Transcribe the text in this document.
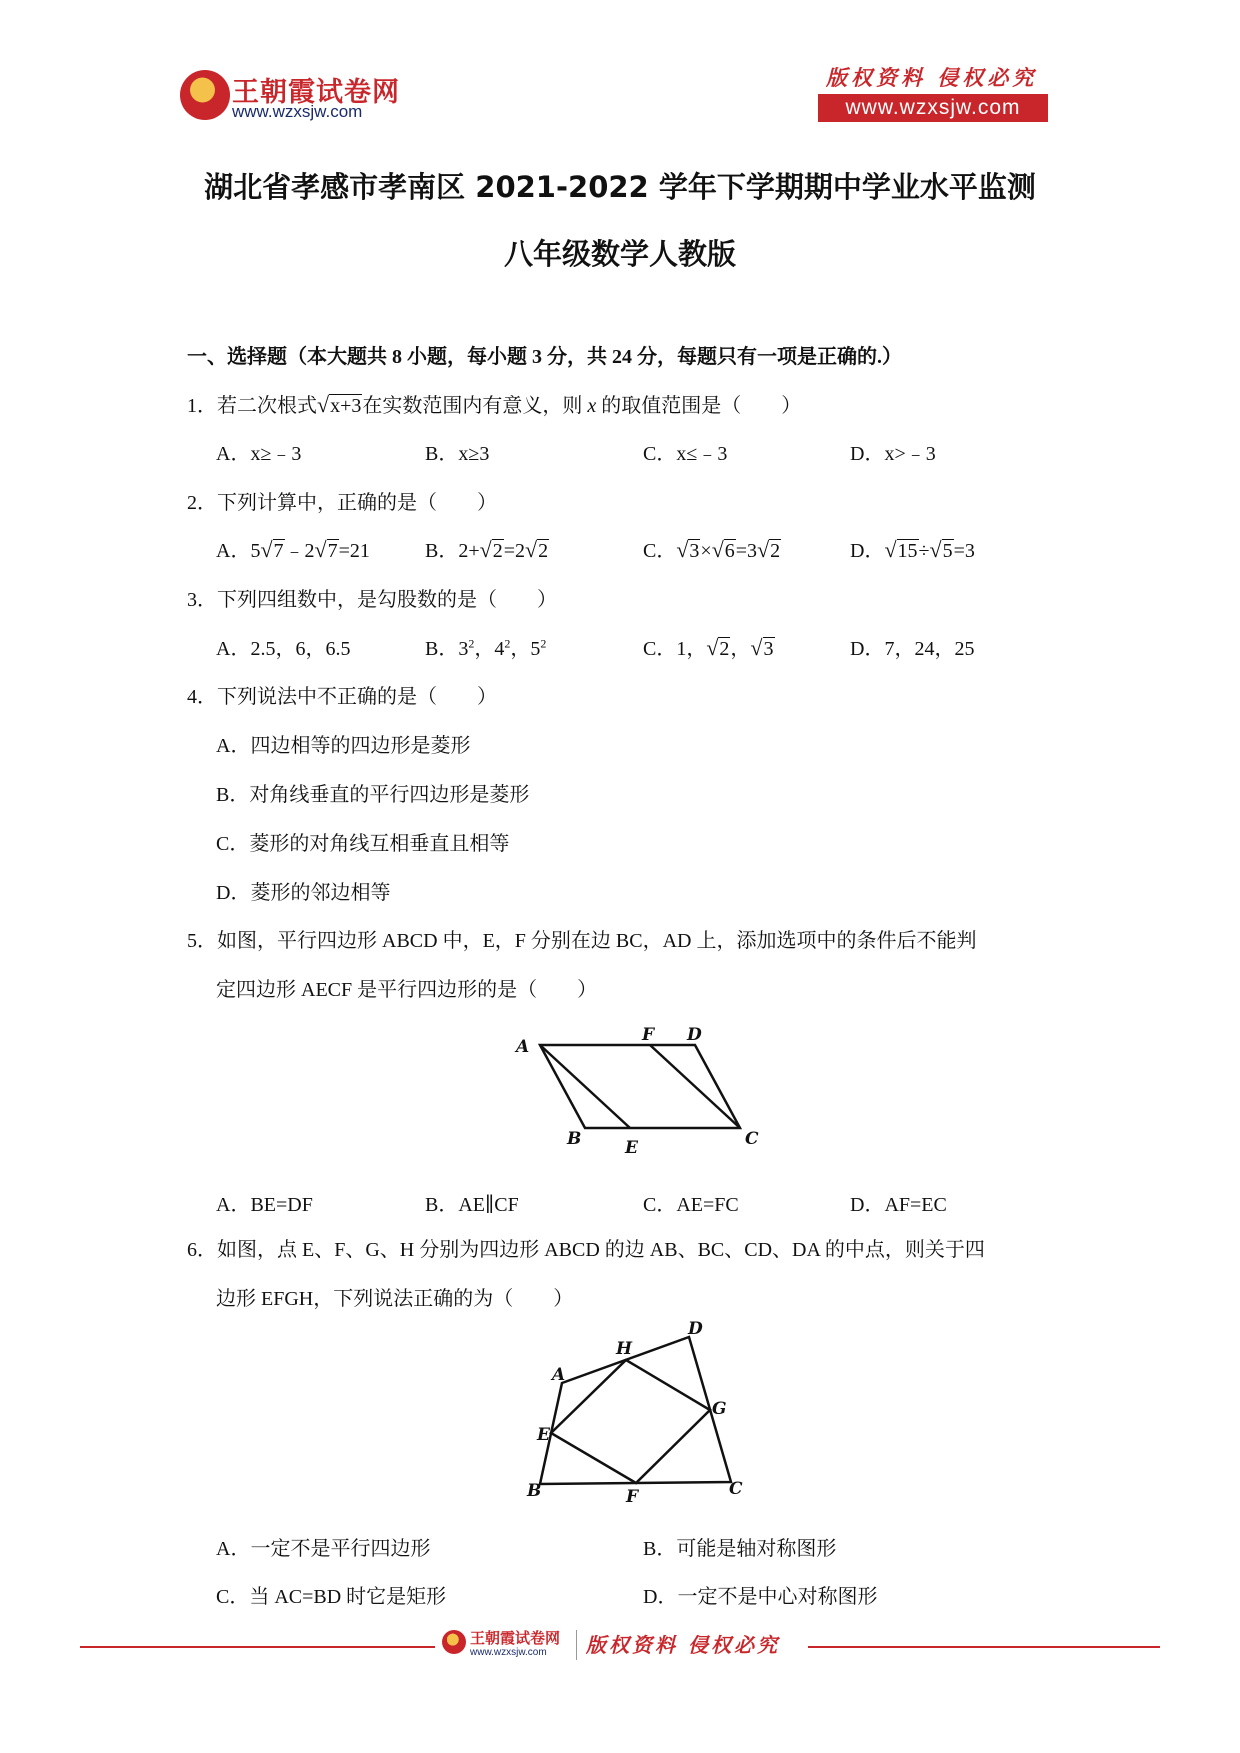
王朝霞试卷网
www.wzxsjw.com
版权资料 侵权必究
www.wzxsjw.com
湖北省孝感市孝南区 2021-2022 学年下学期期中学业水平监测
八年级数学人教版
一、选择题（本大题共 8 小题，每小题 3 分，共 24 分，每题只有一项是正确的.）
1．若二次根式√x+3在实数范围内有意义，则 x 的取值范围是（　　）
A．x≥﹣3	B．x≥3	C．x≤﹣3	D．x>﹣3
2．下列计算中，正确的是（　　）
A．5√7﹣2√7=21	B．2+√2=2√2	C．√3×√6=3√2	D．√15÷√5=3
3．下列四组数中，是勾股数的是（　　）
A．2.5，6，6.5	B．$3^2$，$4^2$，$5^2$	C．1，√2，√3	D．7，24，25
4．下列说法中不正确的是（　　）
A．四边相等的四边形是菱形
B．对角线垂直的平行四边形是菱形
C．菱形的对角线互相垂直且相等
D．菱形的邻边相等
5．如图，平行四边形 ABCD 中，E，F 分别在边 BC，AD 上，添加选项中的条件后不能判
定四边形 AECF 是平行四边形的是（　　）
A
F D
B	E	C
A．BE=DF	B．AE∥CF	C．AE=FC	D．AF=EC
6．如图，点 E、F、G、H 分别为四边形 ABCD 的边 AB、BC、CD、DA 的中点，则关于四
边形 EFGH，下列说法正确的为（　　）
A
H
D
E
G
B	F	C
A．一定不是平行四边形	B．可能是轴对称图形
C．当 AC=BD 时它是矩形	D．一定不是中心对称图形
王朝霞试卷网
www.wzxsjw.com 版权资料 侵权必究
